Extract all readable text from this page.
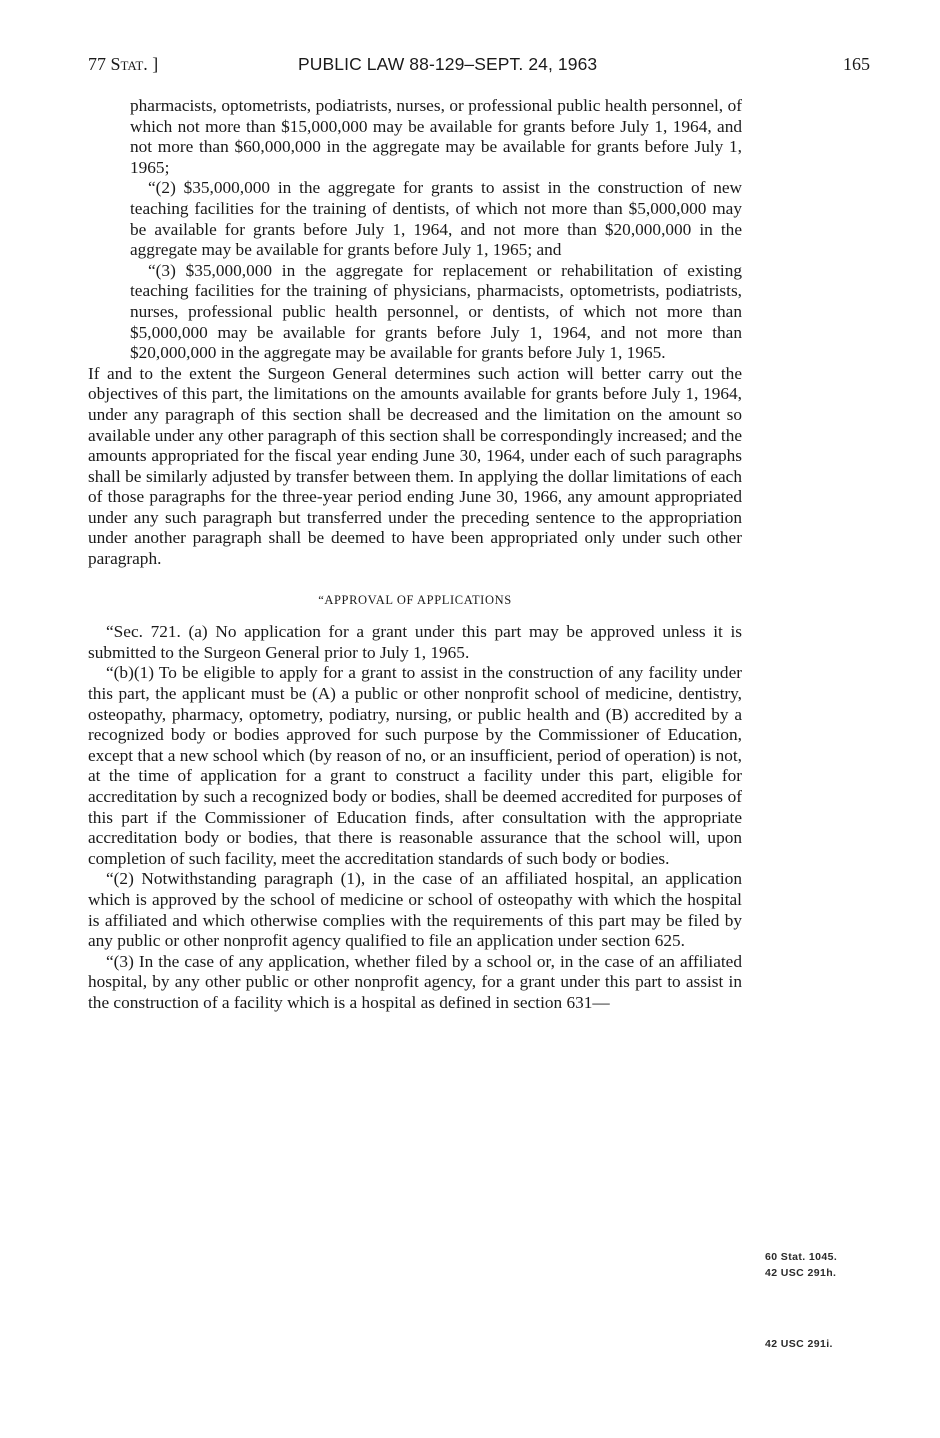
77 Stat. ]	PUBLIC LAW 88-129–SEPT. 24, 1963	165

pharmacists, optometrists, podiatrists, nurses, or professional public health personnel, of which not more than $15,000,000 may be available for grants before July 1, 1964, and not more than $60,000,000 in the aggregate may be available for grants before July 1, 1965;

“(2) $35,000,000 in the aggregate for grants to assist in the construction of new teaching facilities for the training of dentists, of which not more than $5,000,000 may be available for grants before July 1, 1964, and not more than $20,000,000 in the aggregate may be available for grants before July 1, 1965; and

“(3) $35,000,000 in the aggregate for replacement or rehabilitation of existing teaching facilities for the training of physicians, pharmacists, optometrists, podiatrists, nurses, professional public health personnel, or dentists, of which not more than $5,000,000 may be available for grants before July 1, 1964, and not more than $20,000,000 in the aggregate may be available for grants before July 1, 1965.

If and to the extent the Surgeon General determines such action will better carry out the objectives of this part, the limitations on the amounts available for grants before July 1, 1964, under any paragraph of this section shall be decreased and the limitation on the amount so available under any other paragraph of this section shall be correspondingly increased; and the amounts appropriated for the fiscal year ending June 30, 1964, under each of such paragraphs shall be similarly adjusted by transfer between them. In applying the dollar limitations of each of those paragraphs for the three-year period ending June 30, 1966, any amount appropriated under any such paragraph but transferred under the preceding sentence to the appropriation under another paragraph shall be deemed to have been appropriated only under such other paragraph.

“APPROVAL OF APPLICATIONS

“Sec. 721. (a) No application for a grant under this part may be approved unless it is submitted to the Surgeon General prior to July 1, 1965.

“(b)(1) To be eligible to apply for a grant to assist in the construction of any facility under this part, the applicant must be (A) a public or other nonprofit school of medicine, dentistry, osteopathy, pharmacy, optometry, podiatry, nursing, or public health and (B) accredited by a recognized body or bodies approved for such purpose by the Commissioner of Education, except that a new school which (by reason of no, or an insufficient, period of operation) is not, at the time of application for a grant to construct a facility under this part, eligible for accreditation by such a recognized body or bodies, shall be deemed accredited for purposes of this part if the Commissioner of Education finds, after consultation with the appropriate accreditation body or bodies, that there is reasonable assurance that the school will, upon completion of such facility, meet the accreditation standards of such body or bodies.

“(2) Notwithstanding paragraph (1), in the case of an affiliated hospital, an application which is approved by the school of medicine or school of osteopathy with which the hospital is affiliated and which otherwise complies with the requirements of this part may be filed by any public or other nonprofit agency qualified to file an application under section 625.

“(3) In the case of any application, whether filed by a school or, in the case of an affiliated hospital, by any other public or other nonprofit agency, for a grant under this part to assist in the construction of a facility which is a hospital as defined in section 631—

60 Stat. 1045.
42 USC 291h.
42 USC 291i.
